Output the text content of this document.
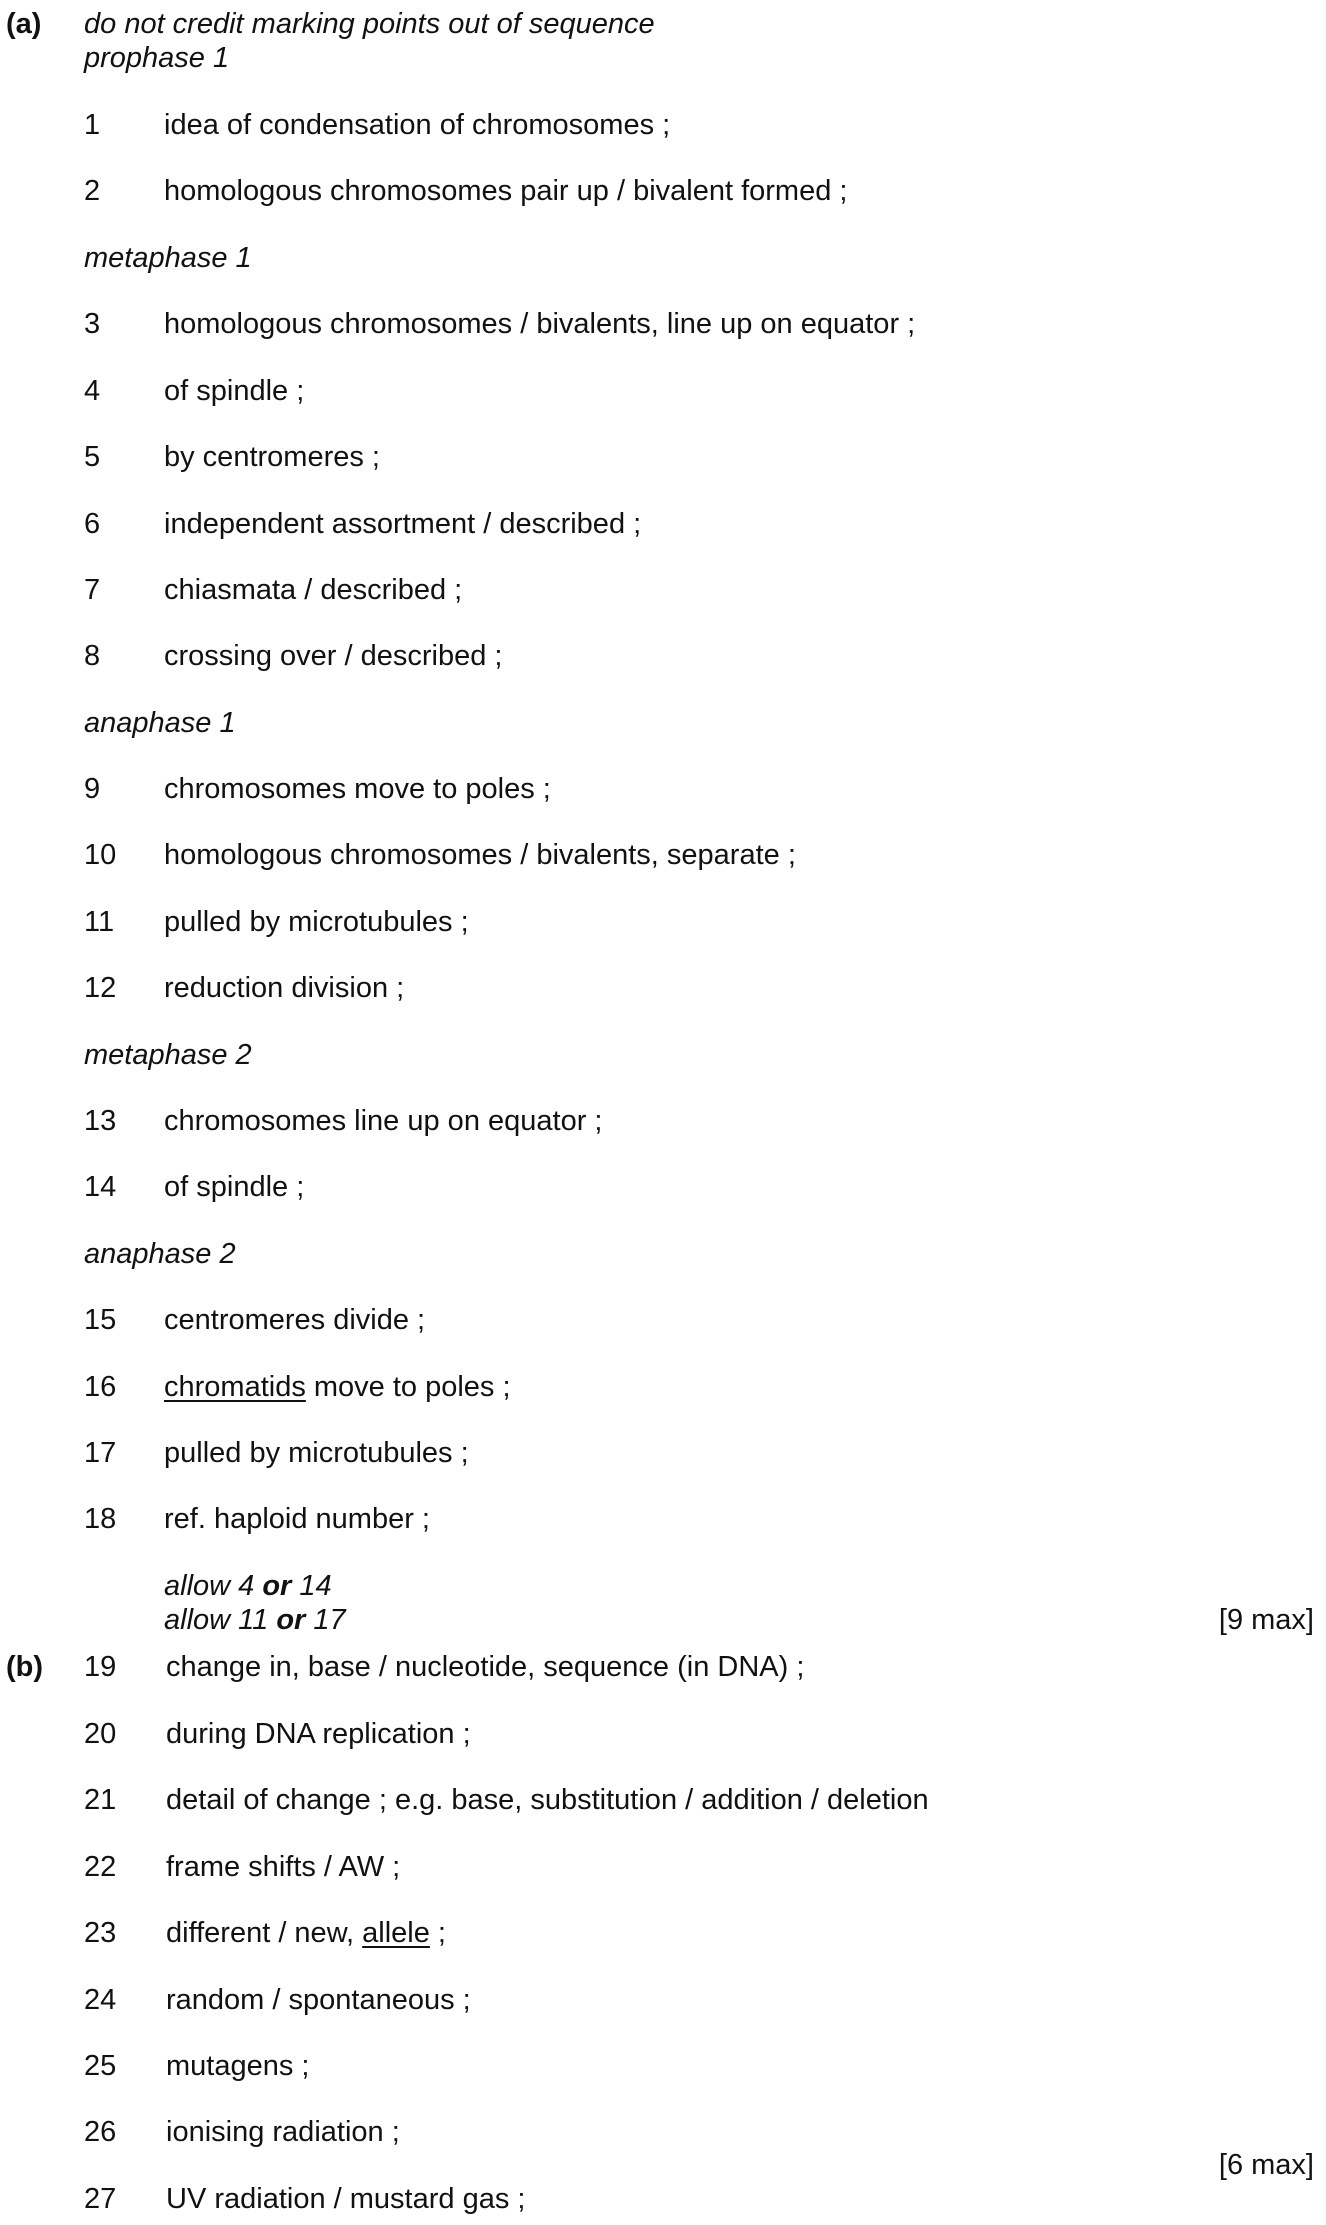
(a) do not credit marking points out of sequence
prophase 1
1 idea of condensation of chromosomes ;
2 homologous chromosomes pair up / bivalent formed ;
metaphase 1
3 homologous chromosomes / bivalents, line up on equator ;
4 of spindle ;
5 by centromeres ;
6 independent assortment / described ;
7 chiasmata / described ;
8 crossing over / described ;
anaphase 1
9 chromosomes move to poles ;
10 homologous chromosomes / bivalents, separate ;
11 pulled by microtubules ;
12 reduction division ;
metaphase 2
13 chromosomes line up on equator ;
14 of spindle ;
anaphase 2
15 centromeres divide ;
16 chromatids move to poles ;
17 pulled by microtubules ;
18 ref. haploid number ;
allow 4 or 14
allow 11 or 17	[9 max]
(b) 19 change in, base / nucleotide, sequence (in DNA) ;
20 during DNA replication ;
21 detail of change ; e.g. base, substitution / addition / deletion
22 frame shifts / AW ;
23 different / new, allele ;
24 random / spontaneous ;
25 mutagens ;
26 ionising radiation ;
[6 max]
27 UV radiation / mustard gas ;
